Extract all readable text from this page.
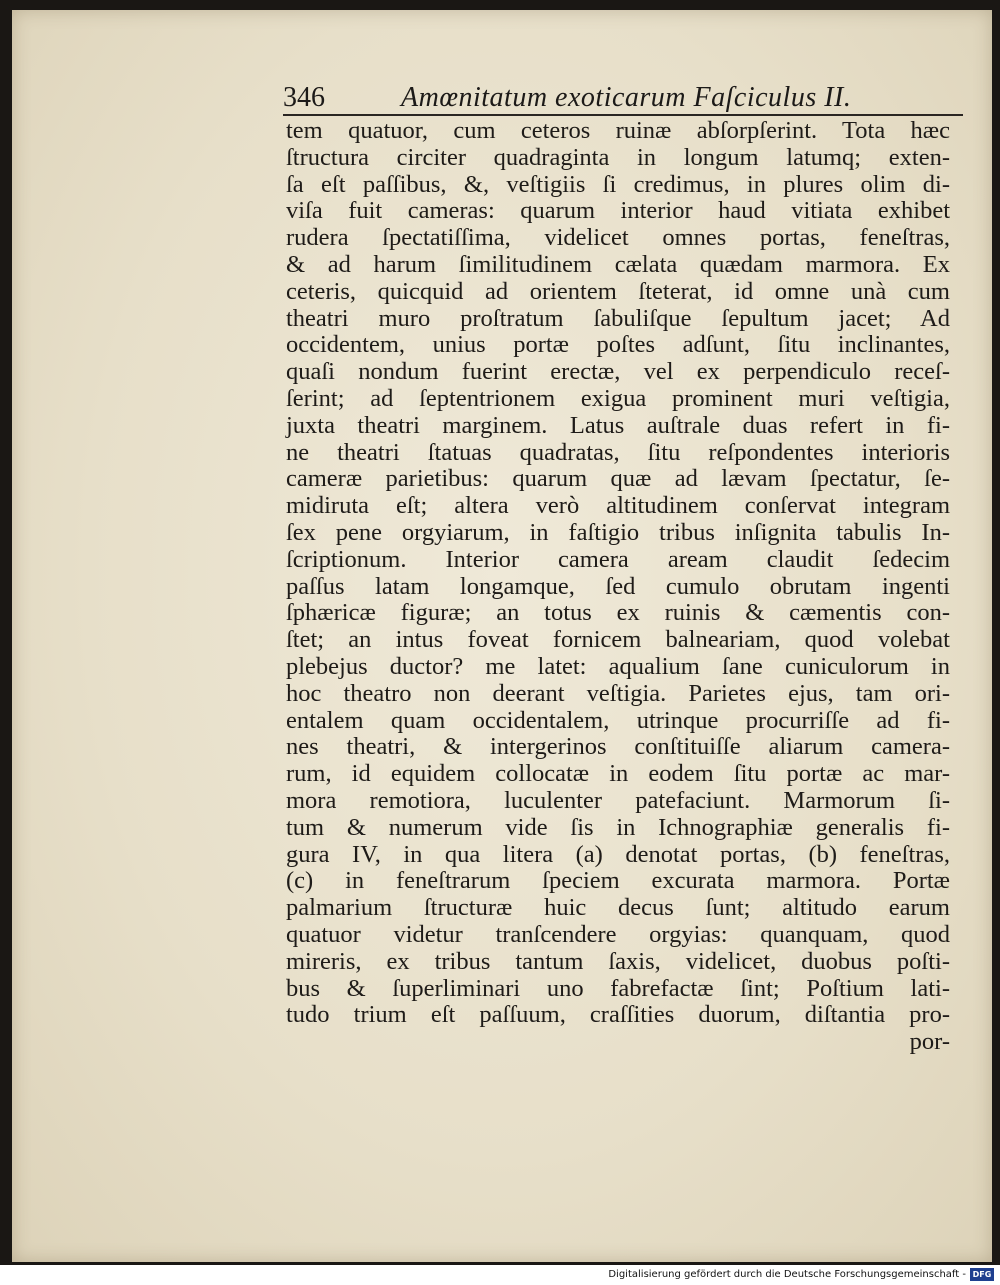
346	Amœnitatum exoticarum Faſciculus II.
tem quatuor, cum ceteros ruinæ abſorpſerint. Tota hæc
ſtructura circiter quadraginta in longum latumq; exten-
ſa eſt paſſibus, &, veſtigiis ſi credimus, in plures olim di-
viſa fuit cameras: quarum interior haud vitiata exhibet
rudera ſpectatiſſima, videlicet omnes portas, feneſtras,
& ad harum ſimilitudinem cælata quædam marmora. Ex
ceteris, quicquid ad orientem ſteterat, id omne unà cum
theatri muro proſtratum ſabuliſque ſepultum jacet; Ad
occidentem, unius portæ poſtes adſunt, ſitu inclinantes,
quaſi nondum fuerint erectæ, vel ex perpendiculo receſ-
ſerint; ad ſeptentrionem exigua prominent muri veſtigia,
juxta theatri marginem. Latus auſtrale duas refert in fi-
ne theatri ſtatuas quadratas, ſitu reſpondentes interioris
cameræ parietibus: quarum quæ ad lævam ſpectatur, ſe-
midiruta eſt; altera verò altitudinem conſervat integram
ſex pene orgyiarum, in faſtigio tribus inſignita tabulis In-
ſcriptionum. Interior camera aream claudit ſedecim
paſſus latam longamque, ſed cumulo obrutam ingenti
ſphæricæ figuræ; an totus ex ruinis & cæmentis con-
ſtet; an intus foveat fornicem balneariam, quod volebat
plebejus ductor? me latet: aqualium ſane cuniculorum in
hoc theatro non deerant veſtigia. Parietes ejus, tam ori-
entalem quam occidentalem, utrinque procurriſſe ad fi-
nes theatri, & intergerinos conſtituiſſe aliarum camera-
rum, id equidem collocatæ in eodem ſitu portæ ac mar-
mora remotiora, luculenter patefaciunt. Marmorum ſi-
tum & numerum vide ſis in Ichnographiæ generalis fi-
gura IV, in qua litera (a) denotat portas, (b) feneſtras,
(c) in feneſtrarum ſpeciem excurata marmora. Portæ
palmarium ſtructuræ huic decus ſunt; altitudo earum
quatuor videtur tranſcendere orgyias: quanquam, quod
mireris, ex tribus tantum ſaxis, videlicet, duobus poſti-
bus & ſuperliminari uno fabrefactæ ſint; Poſtium lati-
tudo trium eſt paſſuum, craſſities duorum, diſtantia pro-
por-
Digitalisierung gefördert durch die Deutsche Forschungsgemeinschaft - DFG
